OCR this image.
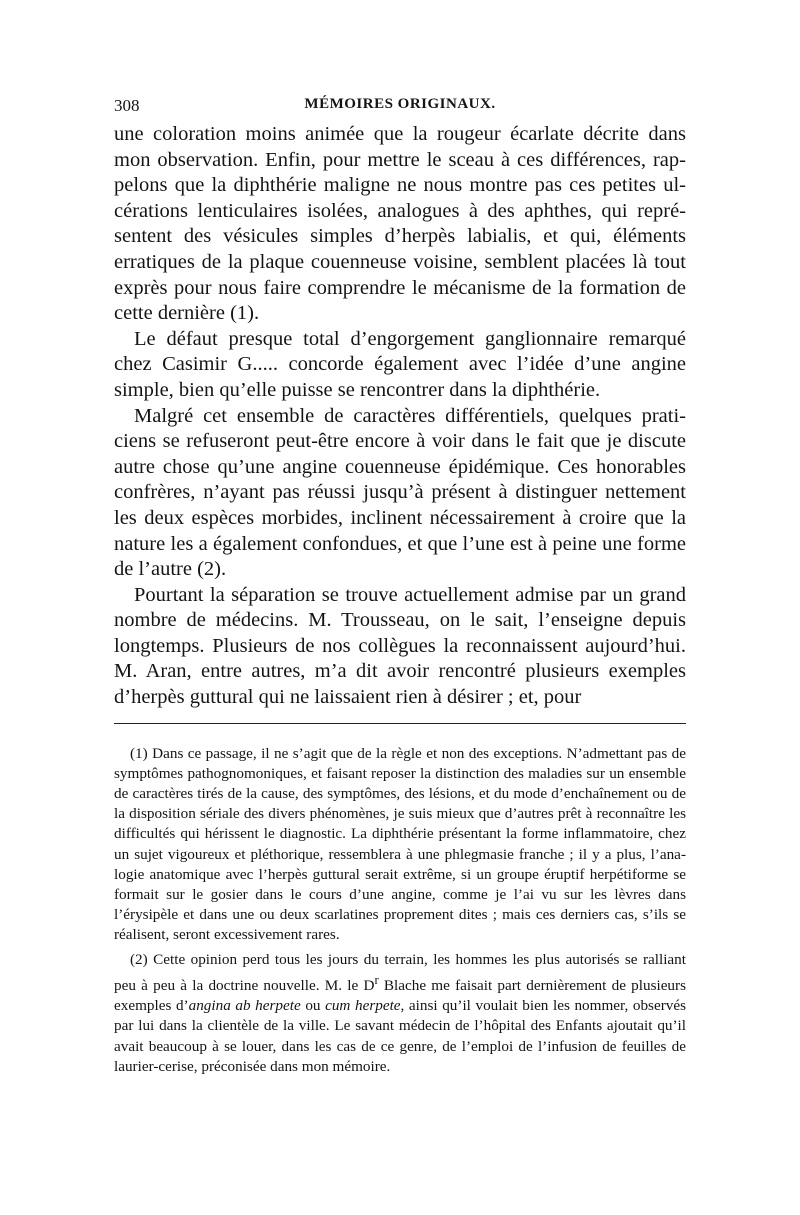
308	MÉMOIRES ORIGINAUX.

une coloration moins animée que la rougeur écarlate décrite dans mon observation. Enfin, pour mettre le sceau à ces différences, rappelons que la diphthérie maligne ne nous montre pas ces petites ulcérations lenticulaires isolées, analogues à des aphthes, qui représentent des vésicules simples d’herpès labialis, et qui, éléments erratiques de la plaque couenneuse voisine, semblent placées là tout exprès pour nous faire comprendre le mécanisme de la formation de cette dernière (1).

Le défaut presque total d’engorgement ganglionnaire remarqué chez Casimir G..... concorde également avec l’idée d’une angine simple, bien qu’elle puisse se rencontrer dans la diphthérie.

Malgré cet ensemble de caractères différentiels, quelques praticiens se refuseront peut-être encore à voir dans le fait que je discute autre chose qu’une angine couenneuse épidémique. Ces honorables confrères, n’ayant pas réussi jusqu’à présent à distinguer nettement les deux espèces morbides, inclinent nécessairement à croire que la nature les a également confondues, et que l’une est à peine une forme de l’autre (2).

Pourtant la séparation se trouve actuellement admise par un grand nombre de médecins. M. Trousseau, on le sait, l’enseigne depuis longtemps. Plusieurs de nos collègues la reconnaissent aujourd’hui. M. Aran, entre autres, m’a dit avoir rencontré plusieurs exemples d’herpès guttural qui ne laissaient rien à désirer ; et, pour

(1) Dans ce passage, il ne s’agit que de la règle et non des exceptions. N’admettant pas de symptômes pathognomoniques, et faisant reposer la distinction des maladies sur un ensemble de caractères tirés de la cause, des symptômes, des lésions, et du mode d’enchaînement ou de la disposition sériale des divers phénomènes, je suis mieux que d’autres prêt à reconnaître les difficultés qui hérissent le diagnostic. La diphthérie présentant la forme inflammatoire, chez un sujet vigoureux et pléthorique, ressemblera à une phlegmasie franche ; il y a plus, l’analogie anatomique avec l’herpès guttural serait extrême, si un groupe éruptif herpétiforme se formait sur le gosier dans le cours d’une angine, comme je l’ai vu sur les lèvres dans l’érysipèle et dans une ou deux scarlatines proprement dites ; mais ces derniers cas, s’ils se réalisent, seront excessivement rares.

(2) Cette opinion perd tous les jours du terrain, les hommes les plus autorisés se ralliant peu à peu à la doctrine nouvelle. M. le $D^r$ Blache me faisait part dernièrement de plusieurs exemples d’angina ab herpete ou cum herpete, ainsi qu’il voulait bien les nommer, observés par lui dans la clientèle de la ville. Le savant médecin de l’hôpital des Enfants ajoutait qu’il avait beaucoup à se louer, dans les cas de ce genre, de l’emploi de l’infusion de feuilles de laurier-cerise, préconisée dans mon mémoire.
